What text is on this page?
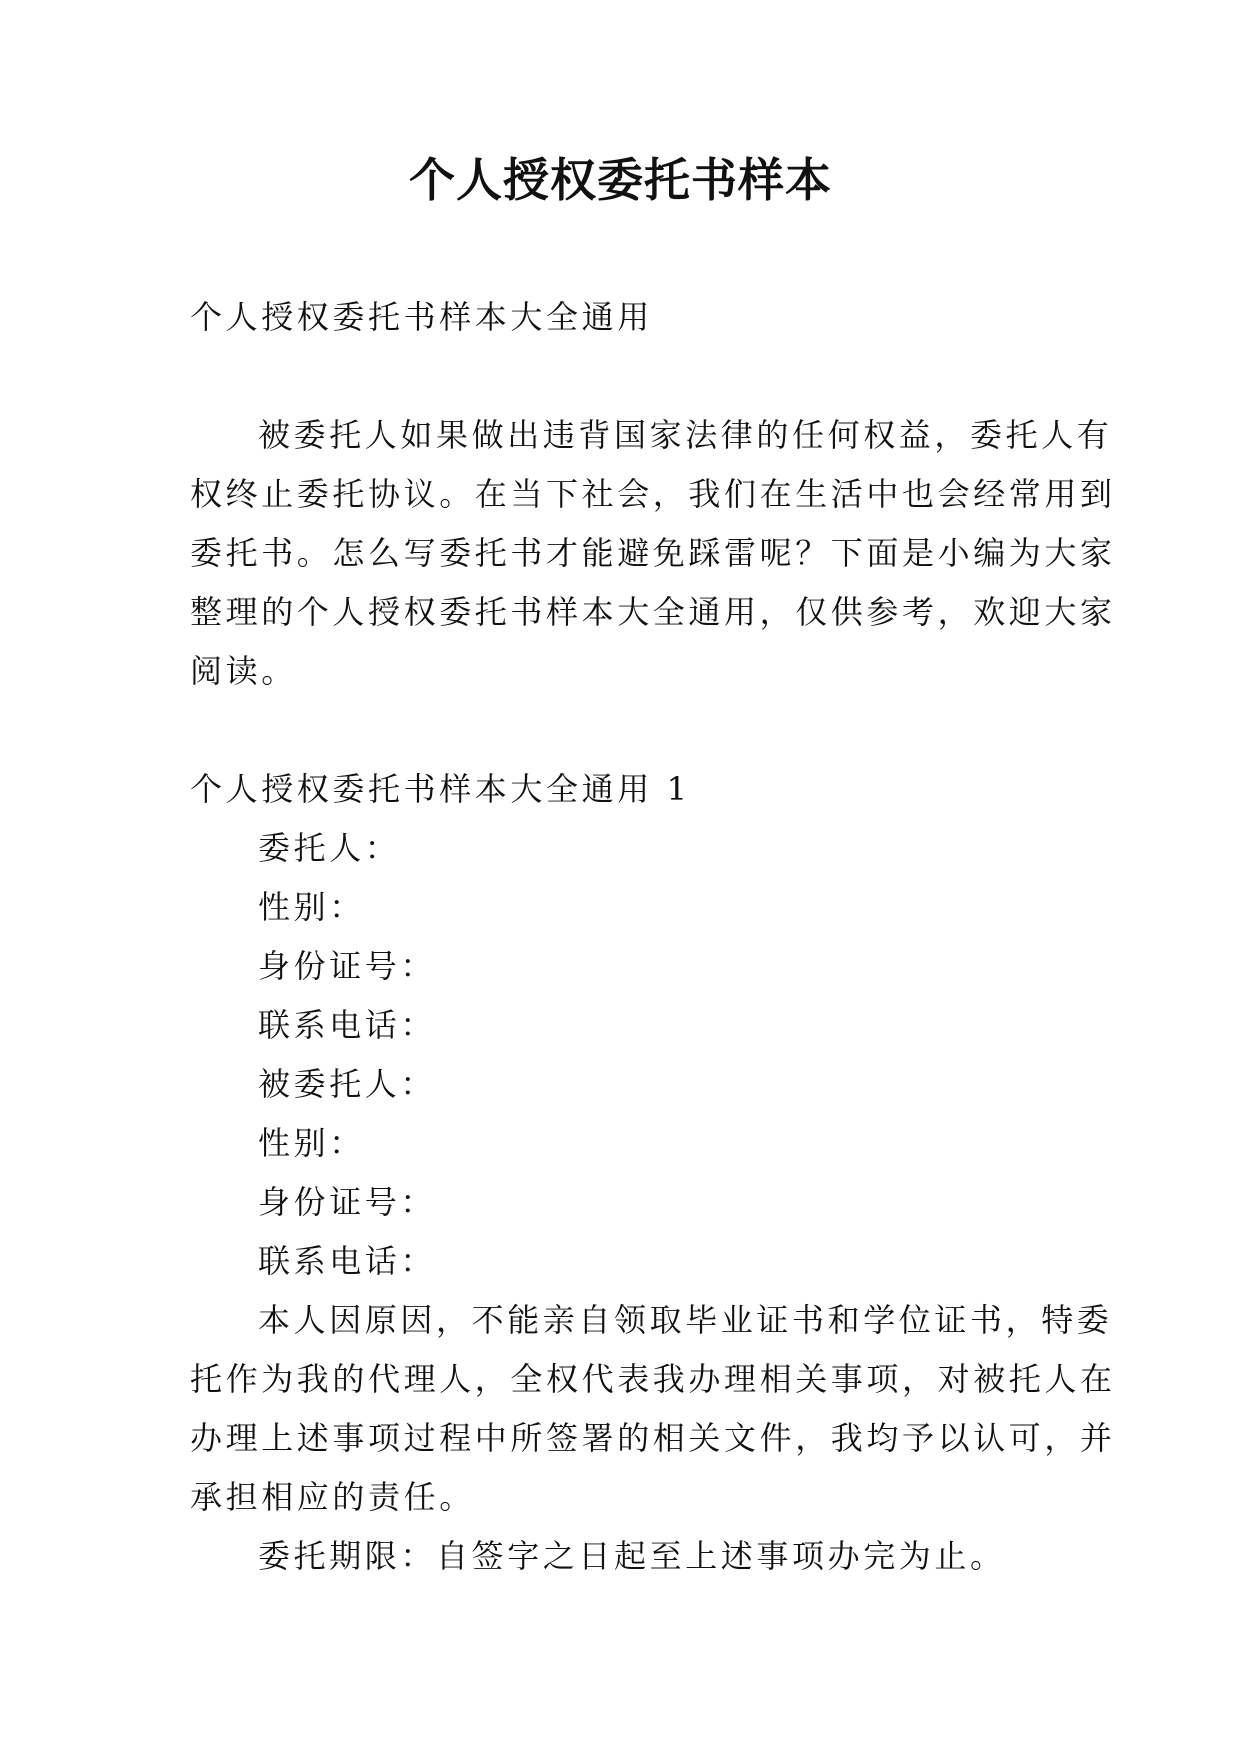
个人授权委托书样本

个人授权委托书样本大全通用

被委托人如果做出违背国家法律的任何权益，委托人有

权终止委托协议。在当下社会，我们在生活中也会经常用到

委托书。怎么写委托书才能避免踩雷呢？下面是小编为大家

整理的个人授权委托书样本大全通用，仅供参考，欢迎大家

阅读。

个人授权委托书样本大全通用 1

委托人：

性别：

身份证号：

联系电话：

被委托人：

性别：

身份证号：

联系电话：

本人因原因，不能亲自领取毕业证书和学位证书，特委

托作为我的代理人，全权代表我办理相关事项，对被托人在

办理上述事项过程中所签署的相关文件，我均予以认可，并

承担相应的责任。

委托期限：自签字之日起至上述事项办完为止。
